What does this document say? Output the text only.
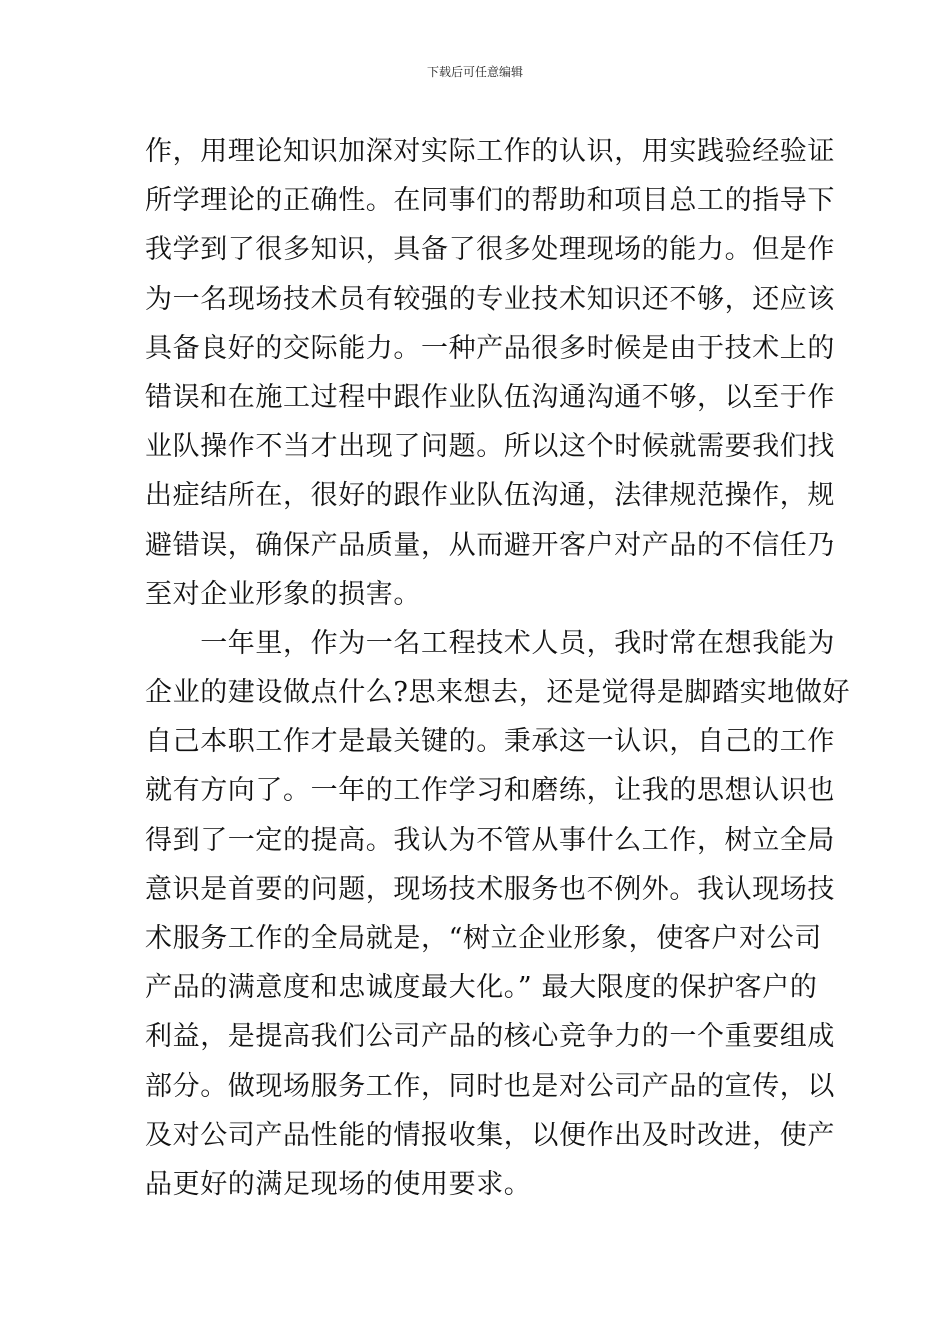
下载后可任意编辑
作，用理论知识加深对实际工作的认识，用实践验经验证
所学理论的正确性。在同事们的帮助和项目总工的指导下
我学到了很多知识，具备了很多处理现场的能力。但是作
为一名现场技术员有较强的专业技术知识还不够，还应该
具备良好的交际能力。一种产品很多时候是由于技术上的
错误和在施工过程中跟作业队伍沟通沟通不够，以至于作
业队操作不当才出现了问题。所以这个时候就需要我们找
出症结所在，很好的跟作业队伍沟通，法律规范操作，规
避错误，确保产品质量，从而避开客户对产品的不信任乃
至对企业形象的损害。
　　一年里，作为一名工程技术人员，我时常在想我能为
企业的建设做点什么?思来想去，还是觉得是脚踏实地做好
自己本职工作才是最关键的。秉承这一认识，自己的工作
就有方向了。一年的工作学习和磨练，让我的思想认识也
得到了一定的提高。我认为不管从事什么工作，树立全局
意识是首要的问题，现场技术服务也不例外。我认现场技
术服务工作的全局就是，“树立企业形象，使客户对公司
产品的满意度和忠诚度最大化。” 最大限度的保护客户的
利益，是提高我们公司产品的核心竞争力的一个重要组成
部分。做现场服务工作，同时也是对公司产品的宣传，以
及对公司产品性能的情报收集，以便作出及时改进，使产
品更好的满足现场的使用要求。
